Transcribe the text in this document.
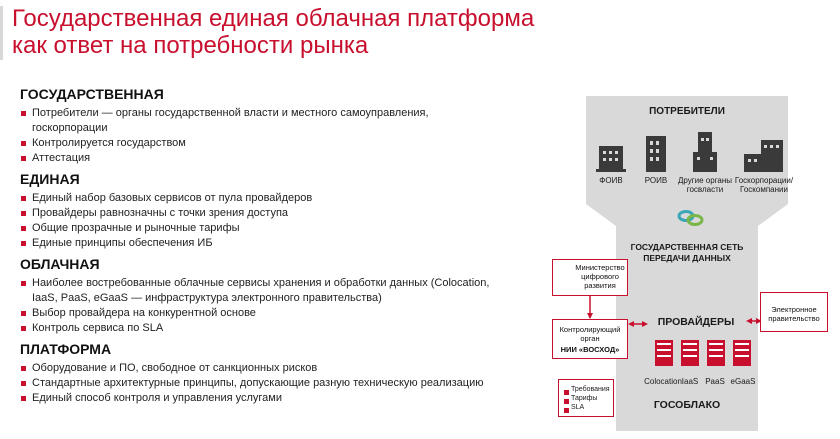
Государственная единая облачная платформа
как ответ на потребности рынка
ГОСУДАРСТВЕННАЯ
Потребители — органы государственной власти и местного самоуправления, госкорпорации
Контролируется государством
Аттестация
ЕДИНАЯ
Единый набор базовых сервисов от пула провайдеров
Провайдеры равнозначны с точки зрения доступа
Общие прозрачные и рыночные тарифы
Единые принципы обеспечения ИБ
ОБЛАЧНАЯ
Наиболее востребованные облачные сервисы хранения и обработки данных (Colocation, IaaS, PaaS, eGaaS — инфраструктура электронного правительства)
Выбор провайдера на конкурентной основе
Контроль сервиса по SLA
ПЛАТФОРМА
Оборудование и ПО, свободное от санкционных рисков
Стандартные архитектурные принципы, допускающие разную техническую реализацию
Единый способ контроля и управления услугами
ПОТРЕБИТЕЛИ
ФОИВ	РОИВ	Другие органы
госвласти
Госкорпорации/
Госкомпании
ГОСУДАРСТВЕННАЯ СЕТЬ
ПЕРЕДАЧИ ДАННЫХ
Министерство
цифрового
развития
Контролирующий
орган
НИИ «ВОСХОД»
Электронное
правительство
ПРОВАЙДЕРЫ
Colocation IaaS PaaS eGaaS
Требования
Тарифы
SLA	ГОСОБЛАКО
